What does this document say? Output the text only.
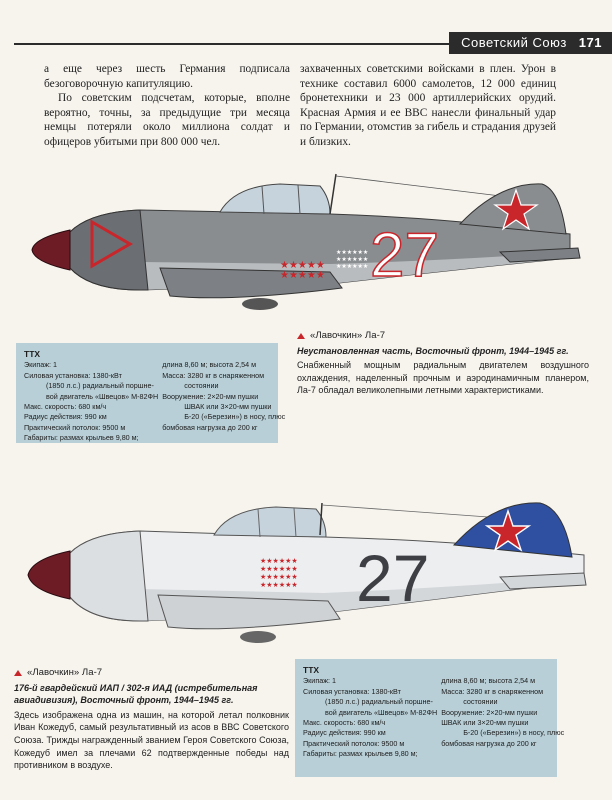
Советский Союз 171

а еще через шесть Германия подписала безоговорочную капитуляцию.

По советским подсчетам, которые, вполне вероятно, точны, за предыдущие три месяца немцы потеряли около миллиона солдат и офицеров убитыми при 800 000 чел.

захваченных советскими войсками в плен. Урон в технике составил 6000 самолетов, 12 000 единиц бронетехники и 23 000 артиллерийских орудий. Красная Армия и ее ВВС нанесли финальный удар по Германии, отомстив за гибель и страдания друзей и близких.

★★★★★
★★★★★
★★★★★★
★★★★★★
★★★★★★ 27
ТТХ
Экипаж: 1
Силовая установка: 1380-кВт
(1850 л.с.) радиальный поршне-
вой двигатель «Швецов» М-82ФН
Макс. скорость: 680 км/ч
Радиус действия: 990 км
Практический потолок: 9500 м
Габариты: размах крыльев 9,80 м;
длина 8,60 м; высота 2,54 м
Масса: 3280 кг в снаряженном
состоянии
Вооружение: 2×20-мм пушки
ШВАК или 3×20-мм пушки
Б-20 («Березин») в носу, плюс
бомбовая нагрузка до 200 кг
«Лавочкин» Ла-7
Неустановленная часть, Восточный фронт, 1944–1945 гг.
Снабженный мощным радиальным двигателем воздушного охлаждения, наделенный прочным и аэродинамичным планером, Ла-7 обладал великолепными летными характеристиками.
★★★★★★
★★★★★★
★★★★★★
★★★★★★ 27
«Лавочкин» Ла-7
176-й гвардейский ИАП / 302-я ИАД (истребительная авиадивизия), Восточный фронт, 1944–1945 гг.
Здесь изображена одна из машин, на которой летал полковник Иван Кожедуб, самый результативный из асов в ВВС Советского Союза. Трижды награжденный званием Героя Советского Союза, Кожедуб имел за плечами 62 подтвержденные победы над противником в воздухе.
ТТХ
Экипаж: 1
Силовая установка: 1380-кВт
(1850 л.с.) радиальный поршне-
вой двигатель «Швецов» М-82ФН
Макс. скорость: 680 км/ч
Радиус действия: 990 км
Практический потолок: 9500 м
Габариты: размах крыльев 9,80 м;
длина 8,60 м; высота 2,54 м
Масса: 3280 кг в снаряженном
состоянии
Вооружение: 2×20-мм пушки
ШВАК или 3×20-мм пушки
Б-20 («Березин») в носу, плюс
бомбовая нагрузка до 200 кг
